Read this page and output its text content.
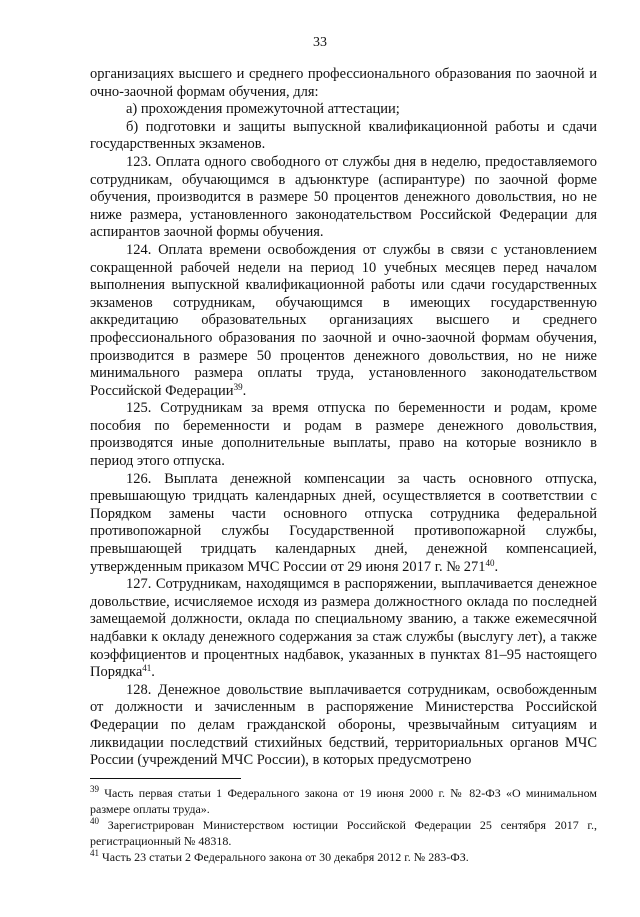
33

организациях высшего и среднего профессионального образования по заочной и очно-заочной формам обучения, для:

а) прохождения промежуточной аттестации;

б) подготовки и защиты выпускной квалификационной работы и сдачи государственных экзаменов.

123. Оплата одного свободного от службы дня в неделю, предоставляемого сотрудникам, обучающимся в адъюнктуре (аспирантуре) по заочной форме обучения, производится в размере 50 процентов денежного довольствия, но не ниже размера, установленного законодательством Российской Федерации для аспирантов заочной формы обучения.

124. Оплата времени освобождения от службы в связи с установлением сокращенной рабочей недели на период 10 учебных месяцев перед началом выполнения выпускной квалификационной работы или сдачи государственных экзаменов сотрудникам, обучающимся в имеющих государственную аккредитацию образовательных организациях высшего и среднего профессионального образования по заочной и очно-заочной формам обучения, производится в размере 50 процентов денежного довольствия, но не ниже минимального размера оплаты труда, установленного законодательством Российской Федерации$^{39}$.

125. Сотрудникам за время отпуска по беременности и родам, кроме пособия по беременности и родам в размере денежного довольствия, производятся иные дополнительные выплаты, право на которые возникло в период этого отпуска.

126. Выплата денежной компенсации за часть основного отпуска, превышающую тридцать календарных дней, осуществляется в соответствии с Порядком замены части основного отпуска сотрудника федеральной противопожарной службы Государственной противопожарной службы, превышающей тридцать календарных дней, денежной компенсацией, утвержденным приказом МЧС России от 29 июня 2017 г. № $271^{40}$.

127. Сотрудникам, находящимся в распоряжении, выплачивается денежное довольствие, исчисляемое исходя из размера должностного оклада по последней замещаемой должности, оклада по специальному званию, а также ежемесячной надбавки к окладу денежного содержания за стаж службы (выслугу лет), а также коэффициентов и процентных надбавок, указанных в пунктах 81–95 настоящего Порядка$^{41}$.

128. Денежное довольствие выплачивается сотрудникам, освобожденным от должности и зачисленным в распоряжение Министерства Российской Федерации по делам гражданской обороны, чрезвычайным ситуациям и ликвидации последствий стихийных бедствий, территориальных органов МЧС России (учреждений МЧС России), в которых предусмотрено

$^{39}$ Часть первая статьи 1 Федерального закона от 19 июня 2000 г. № 82-ФЗ «О минимальном размере оплаты труда».

$^{40}$ Зарегистрирован Министерством юстиции Российской Федерации 25 сентября 2017 г., регистрационный № 48318.

$^{41}$ Часть 23 статьи 2 Федерального закона от 30 декабря 2012 г. № 283-ФЗ.
